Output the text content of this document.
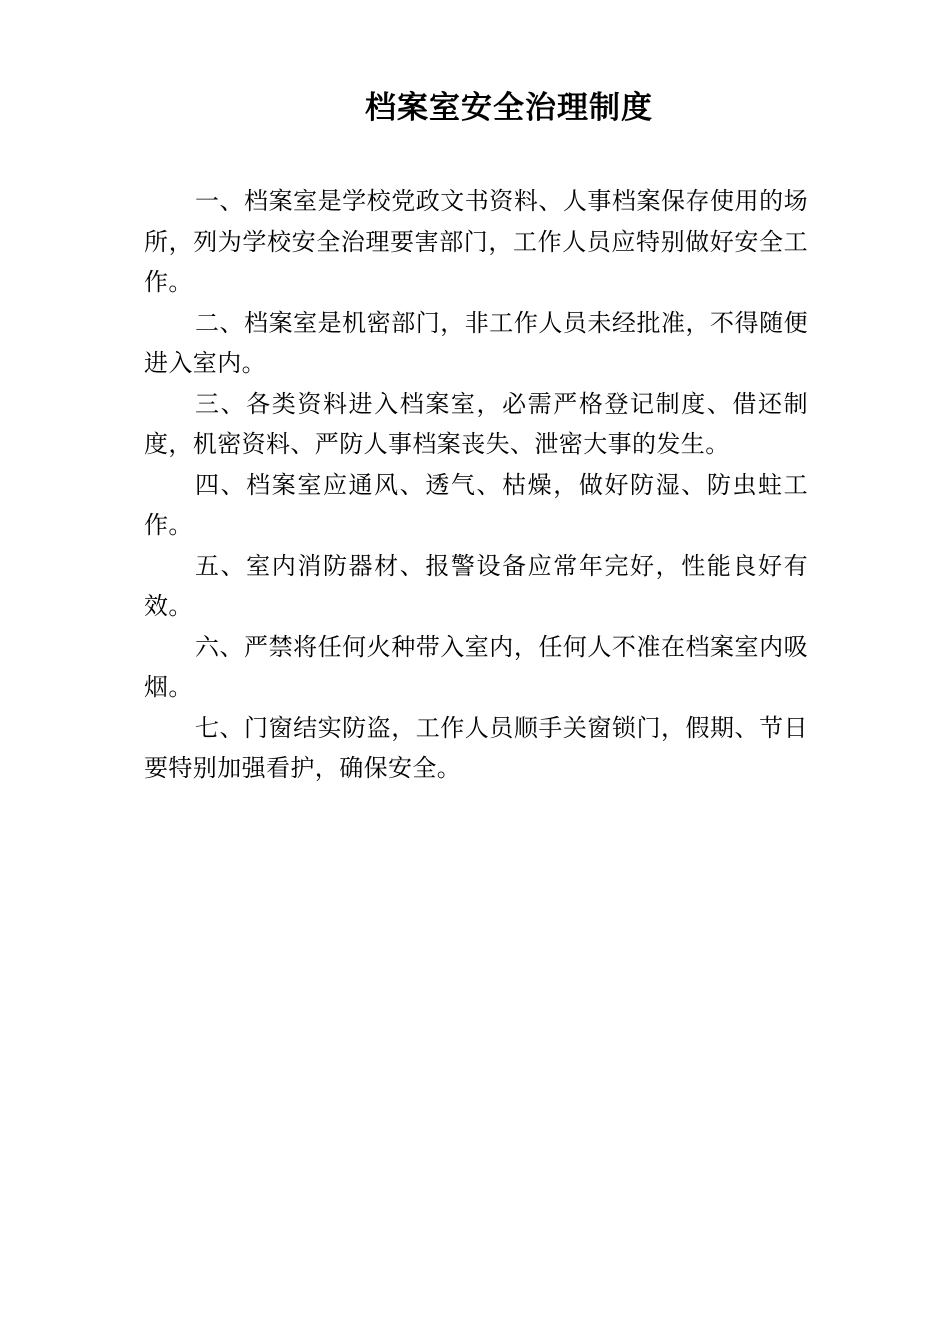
档案室安全治理制度

一、档案室是学校党政文书资料、人事档案保存使用的场所，列为学校安全治理要害部门，工作人员应特别做好安全工作。

二、档案室是机密部门，非工作人员未经批准，不得随便进入室内。

三、各类资料进入档案室，必需严格登记制度、借还制度，机密资料、严防人事档案丧失、泄密大事的发生。

四、档案室应通风、透气、枯燥，做好防湿、防虫蛀工作。

五、室内消防器材、报警设备应常年完好，性能良好有效。

六、严禁将任何火种带入室内，任何人不准在档案室内吸烟。

七、门窗结实防盗，工作人员顺手关窗锁门，假期、节日要特别加强看护，确保安全。
